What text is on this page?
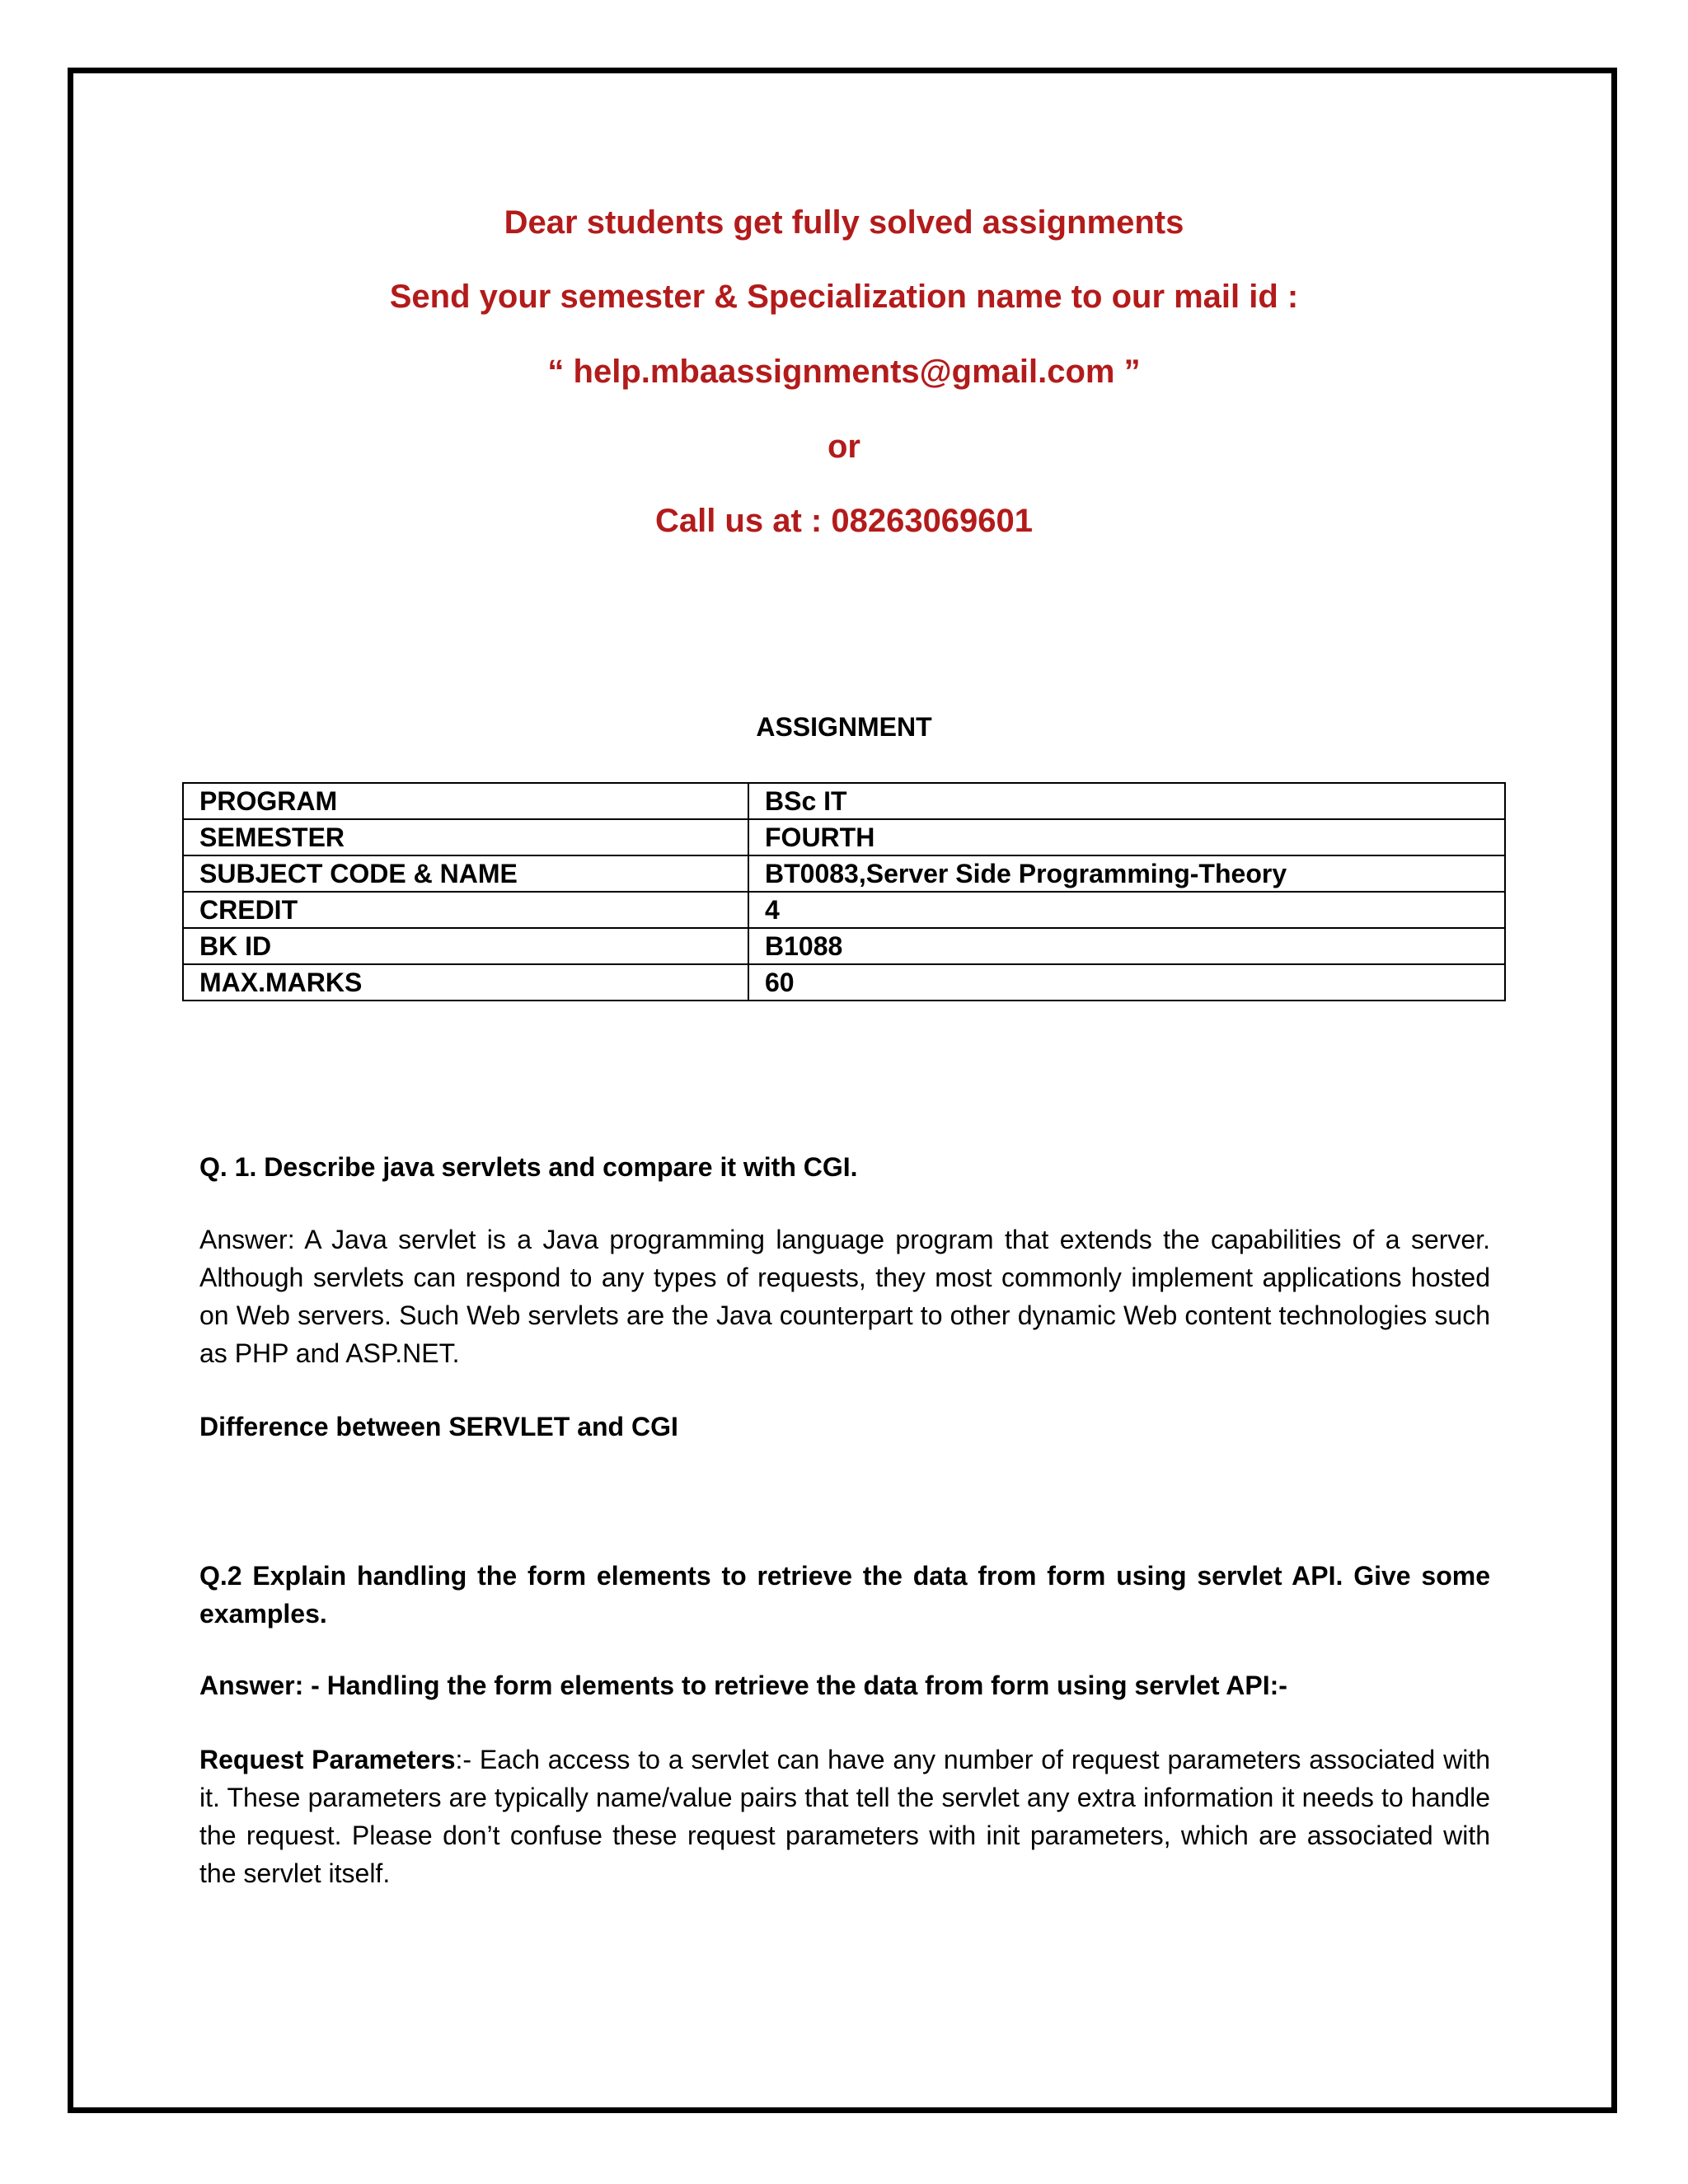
Dear students get fully solved assignments
Send your semester & Specialization name to our mail id :
“ help.mbaassignments@gmail.com ”
or
Call us at : 08263069601
ASSIGNMENT
PROGRAM	BSc IT
SEMESTER	FOURTH
SUBJECT CODE & NAME	BT0083,Server Side Programming-Theory
CREDIT	4
BK ID	B1088
MAX.MARKS	60
Q. 1. Describe java servlets and compare it with CGI.
Answer: A Java servlet is a Java programming language program that extends the capabilities of a server. Although servlets can respond to any types of requests, they most commonly implement applications hosted on Web servers. Such Web servlets are the Java counterpart to other dynamic Web content technologies such as PHP and ASP.NET.
Difference between SERVLET and CGI
Q.2 Explain handling the form elements to retrieve the data from form using servlet API. Give some examples.
Answer: - Handling the form elements to retrieve the data from form using servlet API:-
Request Parameters:- Each access to a servlet can have any number of request parameters associated with it. These parameters are typically name/value pairs that tell the servlet any extra information it needs to handle the request. Please don’t confuse these request parameters with init parameters, which are associated with the servlet itself.
